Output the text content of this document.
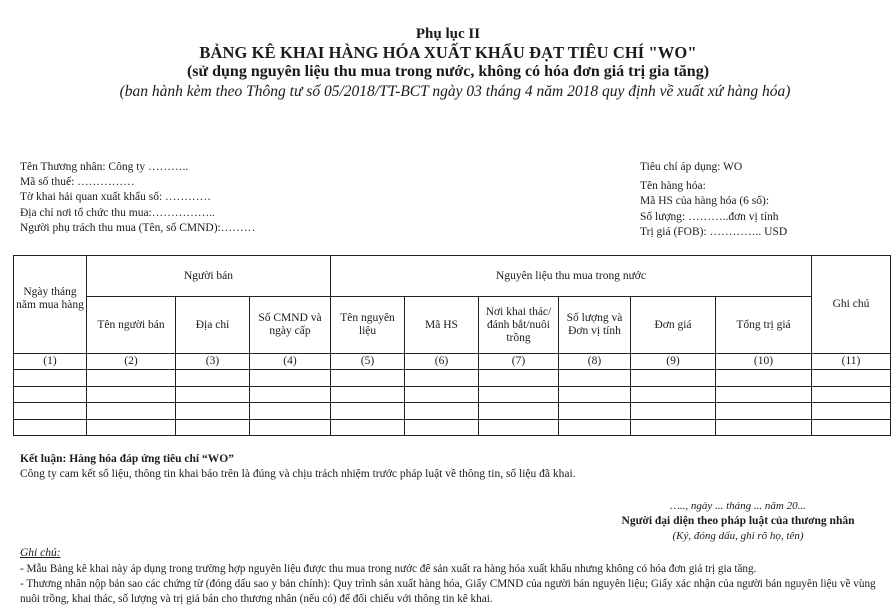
Phụ lục II
BẢNG KÊ KHAI HÀNG HÓA XUẤT KHẨU ĐẠT TIÊU CHÍ "WO"
(sử dụng nguyên liệu thu mua trong nước, không có hóa đơn giá trị gia tăng)
(ban hành kèm theo Thông tư số 05/2018/TT-BCT ngày 03 tháng 4 năm 2018 quy định về xuất xứ hàng hóa)
Tên Thương nhân: Công ty ………..
Mã số thuế: ……………
Tờ khai hải quan xuất khẩu số: …………
Địa chỉ nơi tổ chức thu mua:……………..
Người phụ trách thu mua (Tên, số CMND):………
Tiêu chí áp dụng: WO
Tên hàng hóa:
Mã HS của hàng hóa (6 số):
Số lượng: ………..đơn vị tính
Trị giá (FOB): ………….. USD
Ngày tháng năm mua hàng	Người bán			Nguyên liệu thu mua trong nước						Ghi chú
	Tên người bán	Địa chỉ	Số CMND và ngày cấp	Tên nguyên liệu	Mã HS	Nơi khai thác/đánh bắt/nuôi trồng	Số lượng và Đơn vị tính	Đơn giá	Tổng trị giá	
(1)	(2)	(3)	(4)	(5)	(6)	(7)	(8)	(9)	(10)	(11)

Kết luận: Hàng hóa đáp ứng tiêu chí “WO”
Công ty cam kết số liệu, thông tin khai báo trên là đúng và chịu trách nhiệm trước pháp luật về thông tin, số liệu đã khai.
….., ngày ... tháng ... năm 20...
Người đại diện theo pháp luật của thương nhân
(Ký, đóng dấu, ghi rõ họ, tên)
Ghi chú:
- Mẫu Bảng kê khai này áp dụng trong trường hợp nguyên liệu được thu mua trong nước để sản xuất ra hàng hóa xuất khẩu nhưng không có hóa đơn giá trị gia tăng.
- Thương nhân nộp bản sao các chứng từ (đóng dấu sao y bản chính): Quy trình sản xuất hàng hóa, Giấy CMND của người bán nguyên liệu; Giấy xác nhận của người bán nguyên liệu về vùng nuôi trồng, khai thác, số lượng và trị giá bán cho thương nhân (nếu có) để đối chiếu với thông tin kê khai.
